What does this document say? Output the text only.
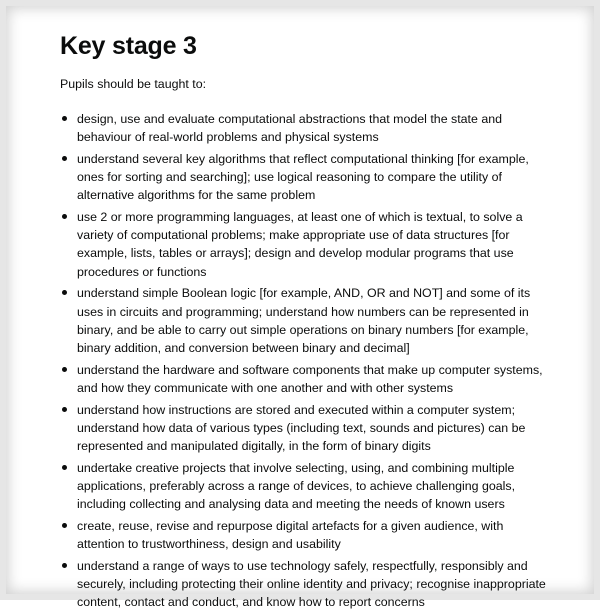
Key stage 3

Pupils should be taught to:

design, use and evaluate computational abstractions that model the state and behaviour of real-world problems and physical systems
understand several key algorithms that reflect computational thinking [for example, ones for sorting and searching]; use logical reasoning to compare the utility of alternative algorithms for the same problem
use 2 or more programming languages, at least one of which is textual, to solve a variety of computational problems; make appropriate use of data structures [for example, lists, tables or arrays]; design and develop modular programs that use procedures or functions
understand simple Boolean logic [for example, AND, OR and NOT] and some of its uses in circuits and programming; understand how numbers can be represented in binary, and be able to carry out simple operations on binary numbers [for example, binary addition, and conversion between binary and decimal]
understand the hardware and software components that make up computer systems, and how they communicate with one another and with other systems
understand how instructions are stored and executed within a computer system; understand how data of various types (including text, sounds and pictures) can be represented and manipulated digitally, in the form of binary digits
undertake creative projects that involve selecting, using, and combining multiple applications, preferably across a range of devices, to achieve challenging goals, including collecting and analysing data and meeting the needs of known users
create, reuse, revise and repurpose digital artefacts for a given audience, with attention to trustworthiness, design and usability
understand a range of ways to use technology safely, respectfully, responsibly and securely, including protecting their online identity and privacy; recognise inappropriate content, contact and conduct, and know how to report concerns
